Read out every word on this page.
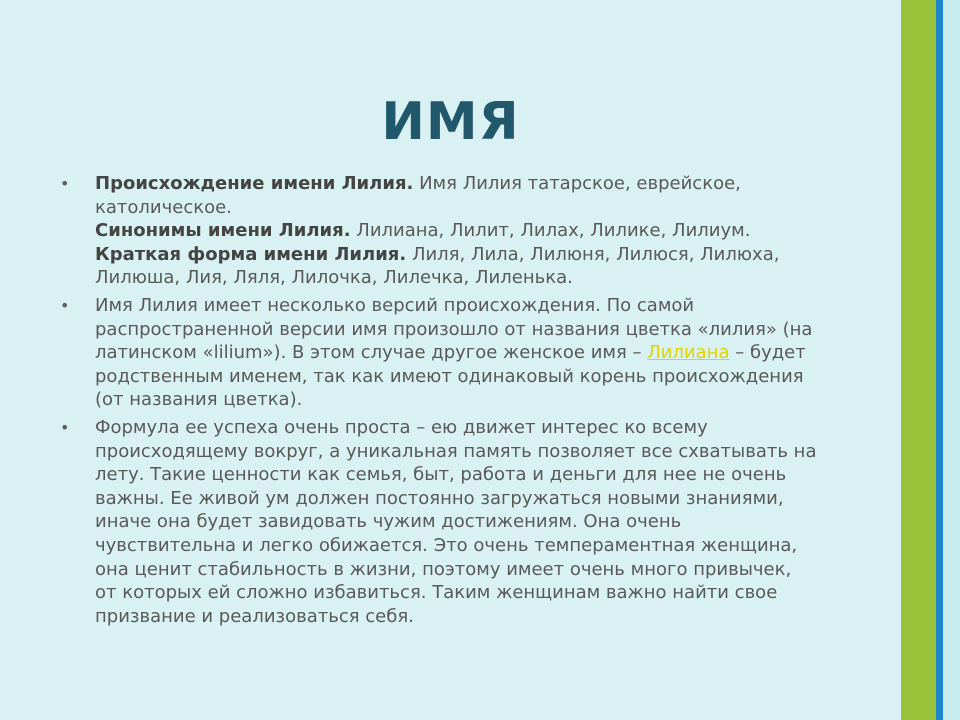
ИМЯ
• Происхождение имени Лилия. Имя Лилия татарское, еврейское,
католическое.
Синонимы имени Лилия. Лилиана, Лилит, Лилах, Лилике, Лилиум.
Краткая форма имени Лилия. Лиля, Лила, Лилюня, Лилюся, Лилюха,
Лилюша, Лия, Ляля, Лилочка, Лилечка, Лиленька.
• Имя Лилия имеет несколько версий происхождения. По самой
распространенной версии имя произошло от названия цветка «лилия» (на
латинском «lilium»). В этом случае другое женское имя – Лилиана – будет
родственным именем, так как имеют одинаковый корень происхождения
(от названия цветка).
• Формула ее успеха очень проста – ею движет интерес ко всему
происходящему вокруг, а уникальная память позволяет все схватывать на
лету. Такие ценности как семья, быт, работа и деньги для нее не очень
важны. Ее живой ум должен постоянно загружаться новыми знаниями,
иначе она будет завидовать чужим достижениям. Она очень
чувствительна и легко обижается. Это очень темпераментная женщина,
она ценит стабильность в жизни, поэтому имеет очень много привычек,
от которых ей сложно избавиться. Таким женщинам важно найти свое
призвание и реализоваться себя.
